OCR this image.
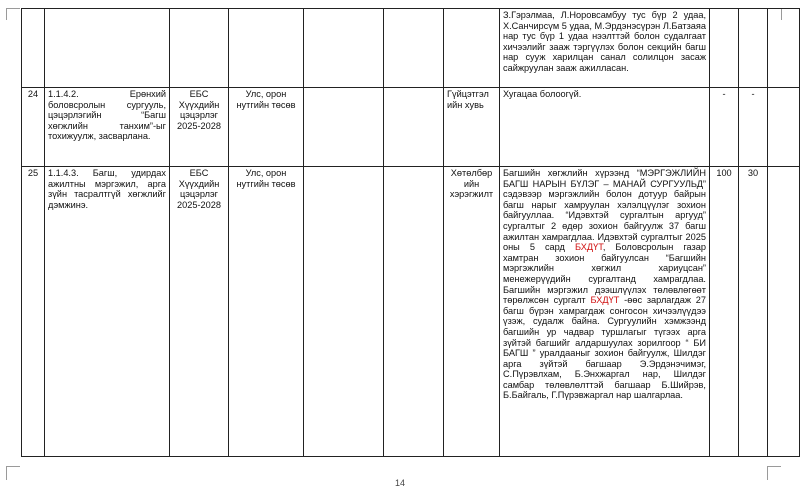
							З.Гэрэлмаа, Л.Норовсамбуу тус бүр 2 удаа, Х.Санчирсүм 5 удаа, М.Эрдэнэсүрэн Л.Батзаяа нар тус бүр 1 удаа нээлттэй болон судалгаат хичээлийг зааж тэргүүлэх болон секцийн багш нар сууж харилцан санал солилцон засаж сайжруулан зааж ажилласан.			
24	1.1.4.2. Ерөнхий боловсролын сургууль, цэцэрлэгийн “Багш хөгжлийн танхим”-ыг тохижуулж, засварлана.	ЕБС Хүүхдийн цэцэрлэг 2025-2028	Улс, орон нутгийн төсөв			Гүйцэтгэл ийн хувь	Хугацаа болоогүй.	-	-	
25	1.1.4.3. Багш, удирдах ажилтны мэргэжил, арга зүйн тасралтгүй хөгжлийг дэмжинэ.	ЕБС Хүүхдийн цэцэрлэг 2025-2028	Улс, орон нутгийн төсөв			Хөтөлбөр ийн хэрэгжилт	Багшийн хөгжлийн хүрээнд “МЭРГЭЖЛИЙН БАГШ НАРЫН БҮЛЭГ – МАНАЙ СУРГУУЛЬД” сэдэвээр мэргэжлийн болон дотуур байрын багш нарыг хамруулан хэлэлцүүлэг зохион байгууллаа. “Идэвхтэй сургалтын аргууд” сургалтыг 2 өдөр зохион байгуулж 37 багш ажилтан хамрагдлаа. Идэвхтэй сургалтыг 2025 оны 5 сард БХДҮТ, Боловсролын газар хамтран зохион байгуулсан “Багшийн мэргэжлийн хөгжил хариуцсан” менежерүүдийн сургалтанд хамрагдлаа. Багшийн мэргэжил дээшлүүлэх төлөвлөгөөт төрөлжсөн сургалт БХДҮТ -өөс зарлагдаж 27 багш бүрэн хамрагдаж сонгосон хичээлүүдээ үзэж, судалж байна. Сургуулийн хэмжээнд багшийн ур чадвар туршлагыг түгээх арга зүйтэй багшийг алдаршуулах зорилгоор “ БИ БАГШ ” уралдааныг зохион байгуулж, Шилдэг арга зүйтэй багшаар Э.Эрдэнэчимэг, С.Пүрэвлхам, Б.Энхжаргал нар, Шилдэг самбар төлөвлөлттэй багшаар Б.Шийрэв, Б.Байгаль, Г.Пүрэвжаргал нар шалгарлаа.	100	30	
14
